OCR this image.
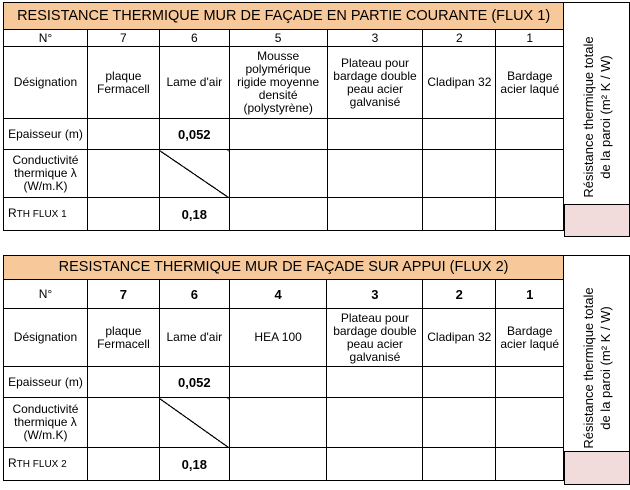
RESISTANCE THERMIQUE MUR DE FAÇADE EN PARTIE COURANTE (FLUX 1)							Résistance thermique totale de la paroi (m² K / W)

N°	7	6	5	3	2	1	
Désignation	plaque Fermacell	Lame d'air	Mousse polymérique rigide moyenne densité (polystyrène)	Plateau pour bardage double peau acier galvanisé	Cladipan 32	Bardage acier laqué	
Epaisseur (m)		0,052					
Conductivité thermique λ (W/m.K)							
RTH FLUX 1		0,18					
RESISTANCE THERMIQUE MUR DE FAÇADE SUR APPUI (FLUX 2)							Résistance thermique totale de la paroi (m² K / W)

N°	7	6	4	3	2	1	
Désignation	plaque Fermacell	Lame d'air	HEA 100	Plateau pour bardage double peau acier galvanisé	Cladipan 32	Bardage acier laqué	
Epaisseur (m)		0,052					
Conductivité thermique λ (W/m.K)							
RTH FLUX 2		0,18					
